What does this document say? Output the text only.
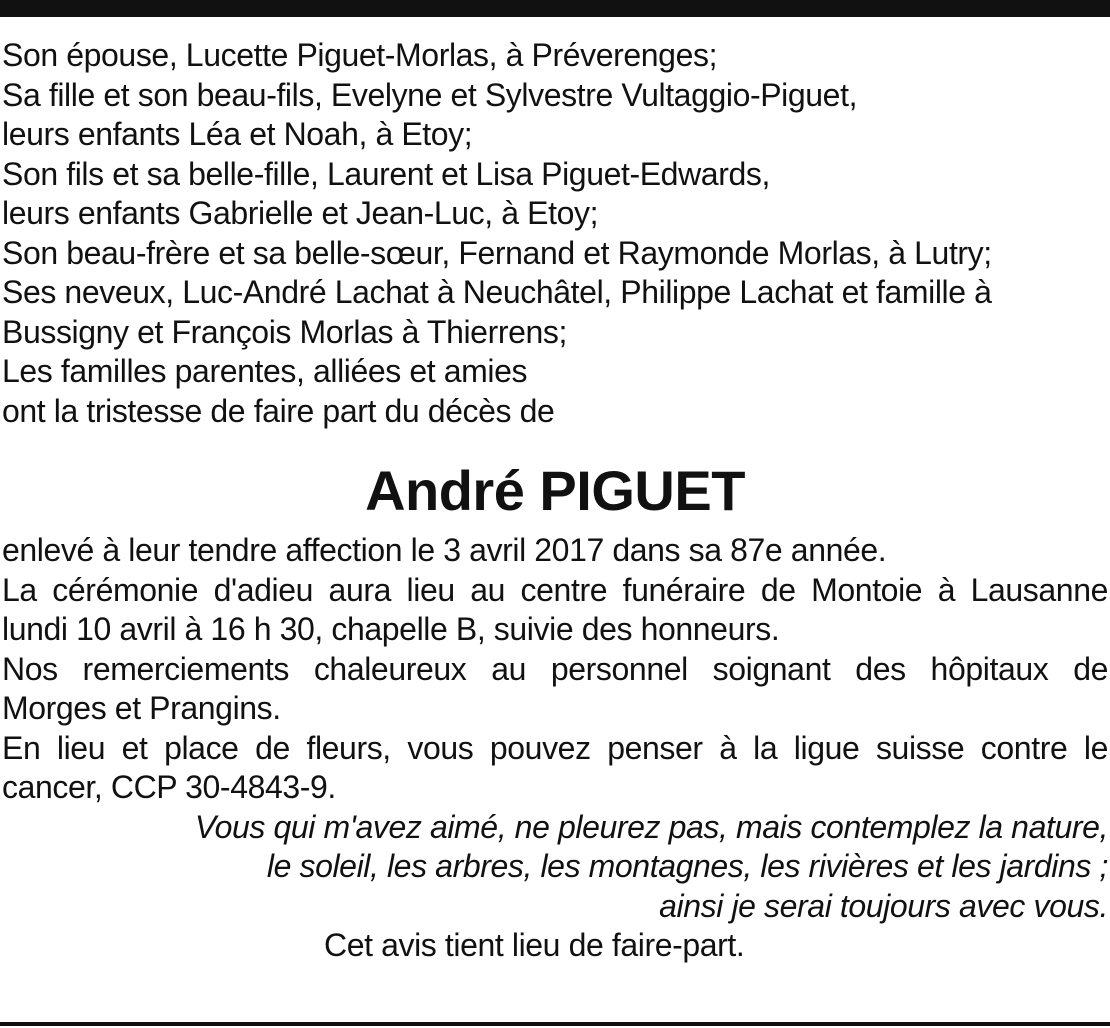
Son épouse, Lucette Piguet-Morlas, à Préverenges;
Sa fille et son beau-fils, Evelyne et Sylvestre Vultaggio-Piguet,
leurs enfants Léa et Noah, à Etoy;
Son fils et sa belle-fille, Laurent et Lisa Piguet-Edwards,
leurs enfants Gabrielle et Jean-Luc, à Etoy;
Son beau-frère et sa belle-sœur, Fernand et Raymonde Morlas, à Lutry;
Ses neveux, Luc-André Lachat à Neuchâtel, Philippe Lachat et famille à
Bussigny et François Morlas à Thierrens;
Les familles parentes, alliées et amies
ont la tristesse de faire part du décès de
André PIGUET
enlevé à leur tendre affection le 3 avril 2017 dans sa 87e année.
La cérémonie d'adieu aura lieu au centre funéraire de Montoie à Lausanne
lundi 10 avril à 16 h 30, chapelle B, suivie des honneurs.
Nos remerciements chaleureux au personnel soignant des hôpitaux de
Morges et Prangins.
En lieu et place de fleurs, vous pouvez penser à la ligue suisse contre le
cancer, CCP 30-4843-9.
Vous qui m'avez aimé, ne pleurez pas, mais contemplez la nature,
le soleil, les arbres, les montagnes, les rivières et les jardins ;
ainsi je serai toujours avec vous.
Cet avis tient lieu de faire-part.
